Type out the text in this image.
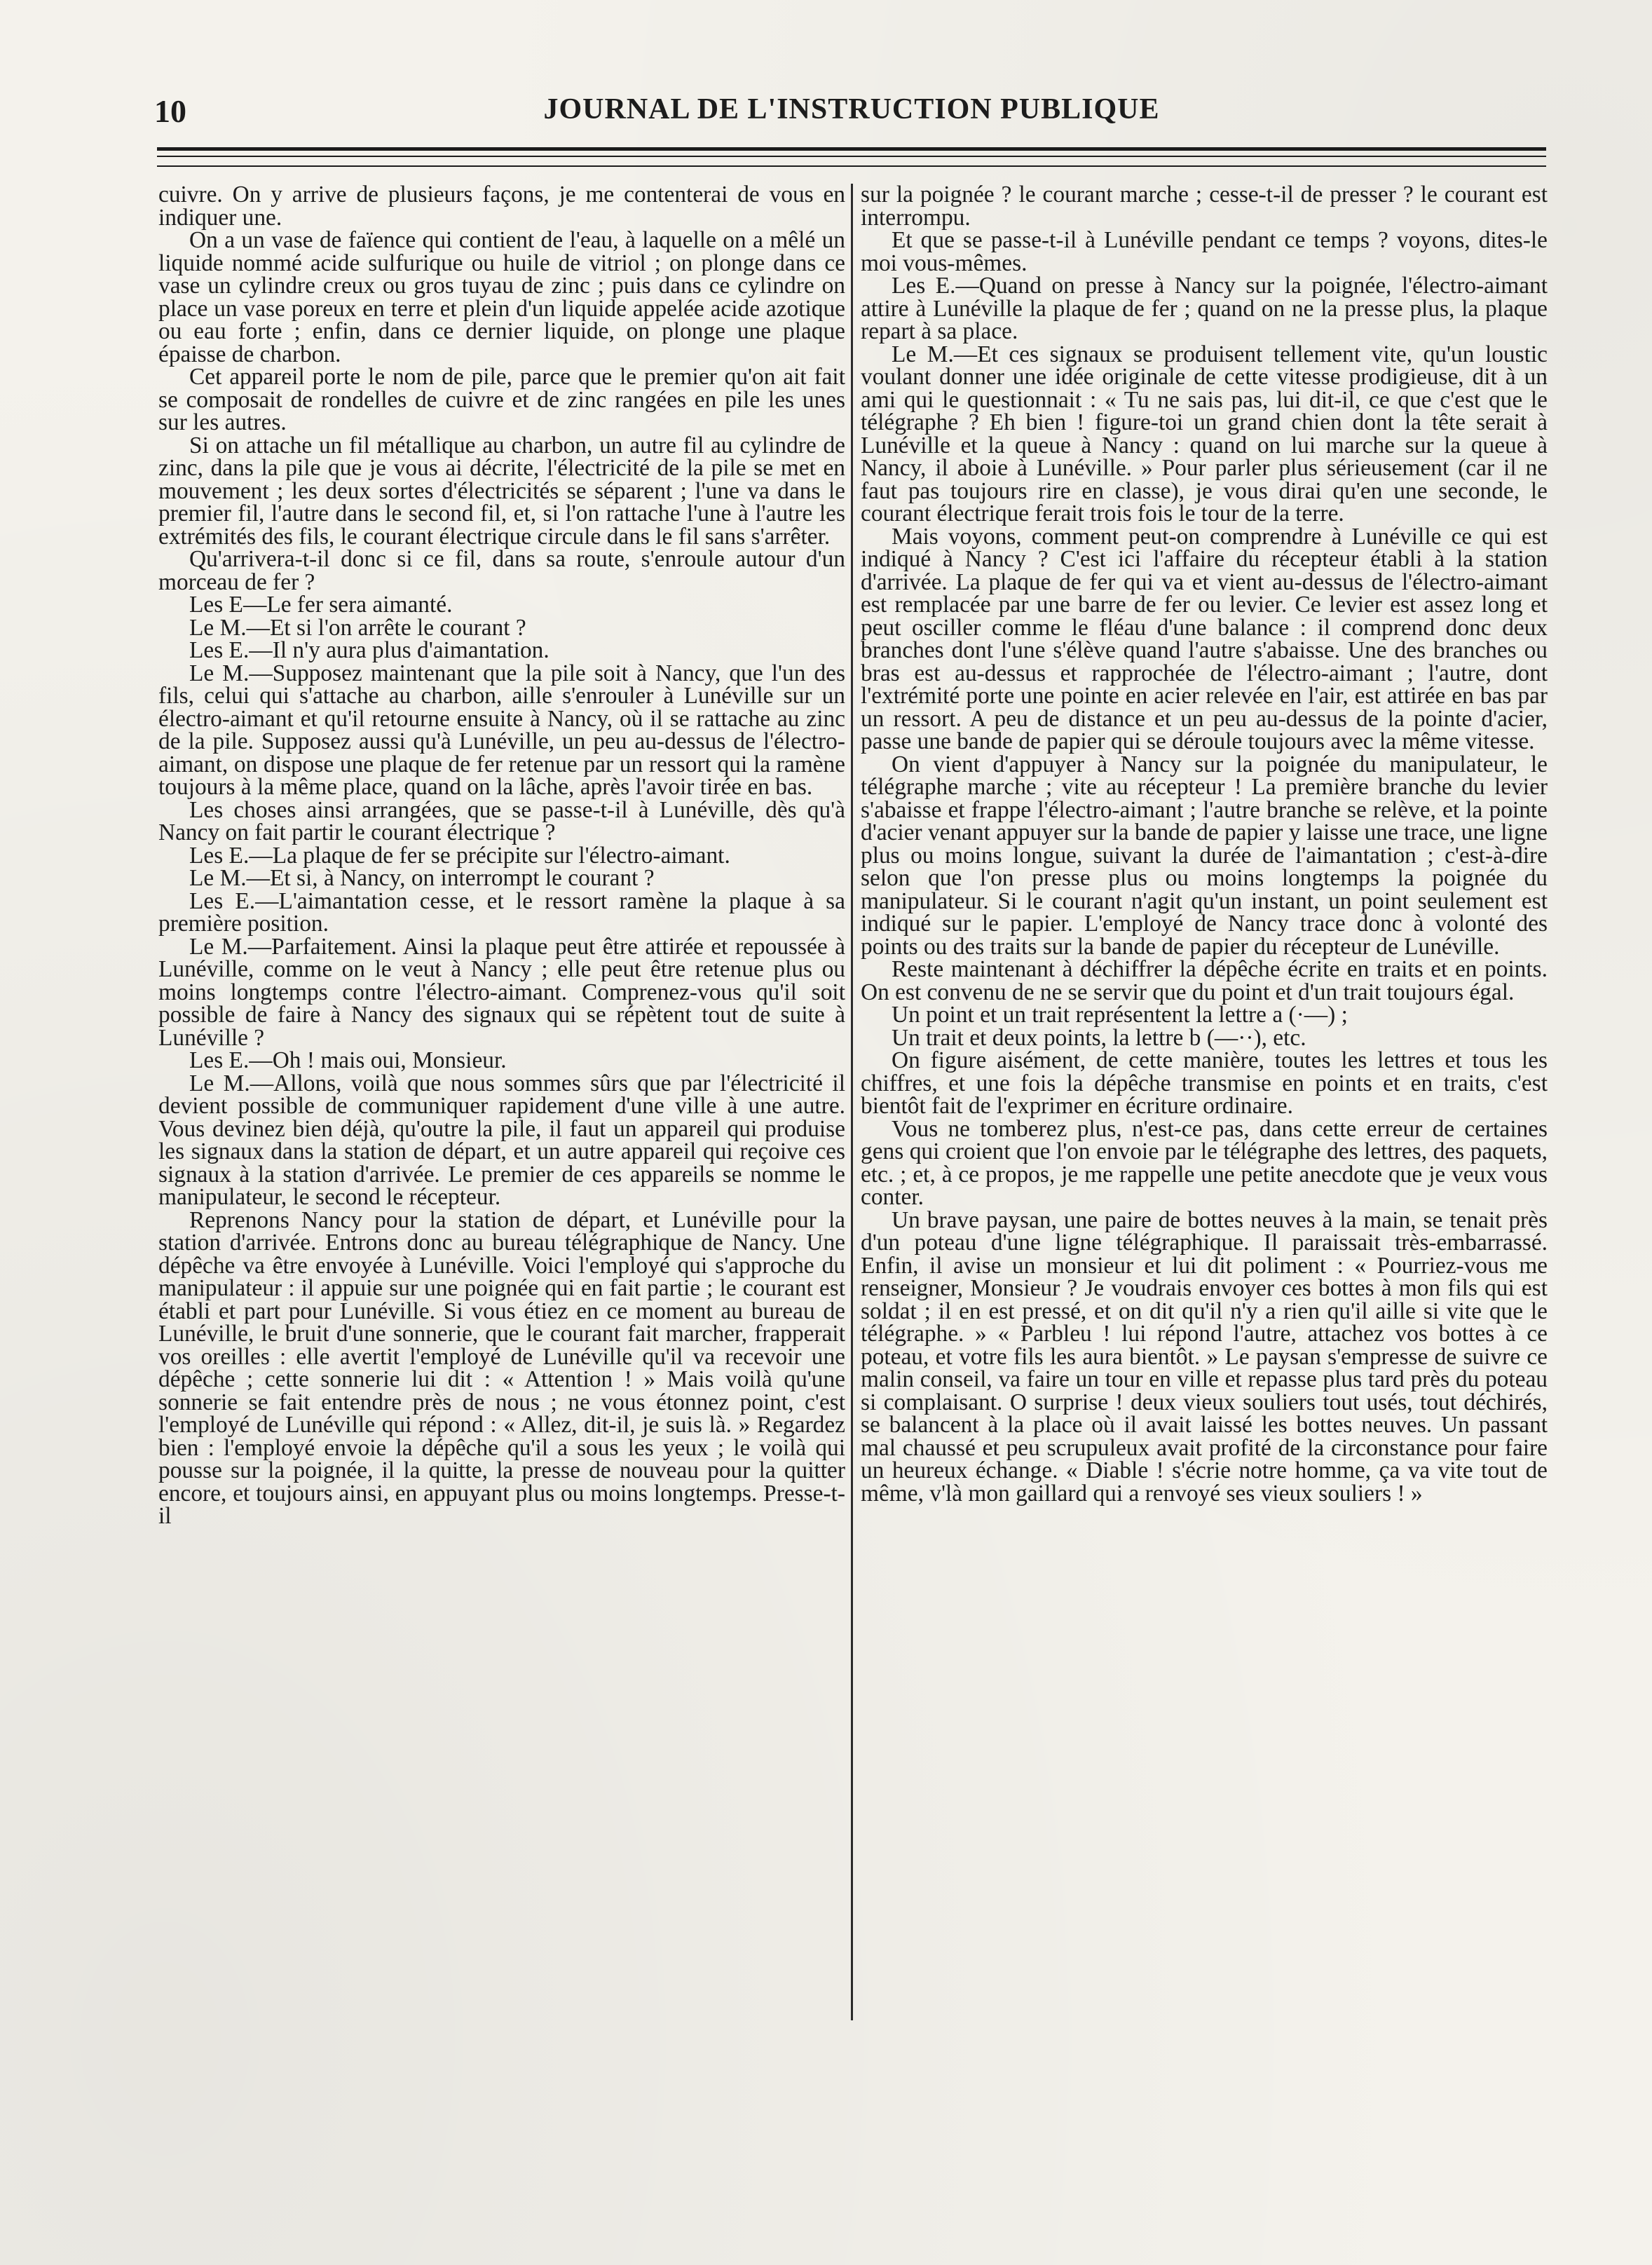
10	JOURNAL DE L'INSTRUCTION PUBLIQUE

cuivre. On y arrive de plusieurs façons, je me contenterai de vous en indiquer une.

On a un vase de faïence qui contient de l'eau, à laquelle on a mêlé un liquide nommé acide sulfurique ou huile de vitriol ; on plonge dans ce vase un cylindre creux ou gros tuyau de zinc ; puis dans ce cylindre on place un vase poreux en terre et plein d'un liquide appelée acide azotique ou eau forte ; enfin, dans ce dernier liquide, on plonge une plaque épaisse de charbon.

Cet appareil porte le nom de pile, parce que le premier qu'on ait fait se composait de rondelles de cuivre et de zinc rangées en pile les unes sur les autres.

Si on attache un fil métallique au charbon, un autre fil au cylindre de zinc, dans la pile que je vous ai décrite, l'électricité de la pile se met en mouvement ; les deux sortes d'électricités se séparent ; l'une va dans le premier fil, l'autre dans le second fil, et, si l'on rattache l'une à l'autre les extrémités des fils, le courant électrique circule dans le fil sans s'arrêter.

Qu'arrivera-t-il donc si ce fil, dans sa route, s'enroule autour d'un morceau de fer ?

Les E—Le fer sera aimanté.

Le M.—Et si l'on arrête le courant ?

Les E.—Il n'y aura plus d'aimantation.

Le M.—Supposez maintenant que la pile soit à Nancy, que l'un des fils, celui qui s'attache au charbon, aille s'enrouler à Lunéville sur un électro-aimant et qu'il retourne ensuite à Nancy, où il se rattache au zinc de la pile. Supposez aussi qu'à Lunéville, un peu au-dessus de l'électro-aimant, on dispose une plaque de fer retenue par un ressort qui la ramène toujours à la même place, quand on la lâche, après l'avoir tirée en bas.

Les choses ainsi arrangées, que se passe-t-il à Lunéville, dès qu'à Nancy on fait partir le courant électrique ?

Les E.—La plaque de fer se précipite sur l'électro-aimant.

Le M.—Et si, à Nancy, on interrompt le courant ?

Les E.—L'aimantation cesse, et le ressort ramène la plaque à sa première position.

Le M.—Parfaitement. Ainsi la plaque peut être attirée et repoussée à Lunéville, comme on le veut à Nancy ; elle peut être retenue plus ou moins longtemps contre l'électro-aimant. Comprenez-vous qu'il soit possible de faire à Nancy des signaux qui se répètent tout de suite à Lunéville ?

Les E.—Oh ! mais oui, Monsieur.

Le M.—Allons, voilà que nous sommes sûrs que par l'électricité il devient possible de communiquer rapidement d'une ville à une autre. Vous devinez bien déjà, qu'outre la pile, il faut un appareil qui produise les signaux dans la station de départ, et un autre appareil qui reçoive ces signaux à la station d'arrivée. Le premier de ces appareils se nomme le manipulateur, le second le récepteur.

Reprenons Nancy pour la station de départ, et Lunéville pour la station d'arrivée. Entrons donc au bureau télégraphique de Nancy. Une dépêche va être envoyée à Lunéville. Voici l'employé qui s'approche du manipulateur : il appuie sur une poignée qui en fait partie ; le courant est établi et part pour Lunéville. Si vous étiez en ce moment au bureau de Lunéville, le bruit d'une sonnerie, que le courant fait marcher, frapperait vos oreilles : elle avertit l'employé de Lunéville qu'il va recevoir une dépêche ; cette sonnerie lui dit : « Attention ! » Mais voilà qu'une sonnerie se fait entendre près de nous ; ne vous étonnez point, c'est l'employé de Lunéville qui répond : « Allez, dit-il, je suis là. » Regardez bien : l'employé envoie la dépêche qu'il a sous les yeux ; le voilà qui pousse sur la poignée, il la quitte, la presse de nouveau pour la quitter encore, et toujours ainsi, en appuyant plus ou moins longtemps. Presse-t-il

sur la poignée ? le courant marche ; cesse-t-il de presser ? le courant est interrompu.

Et que se passe-t-il à Lunéville pendant ce temps ? voyons, dites-le moi vous-mêmes.

Les E.—Quand on presse à Nancy sur la poignée, l'électro-aimant attire à Lunéville la plaque de fer ; quand on ne la presse plus, la plaque repart à sa place.

Le M.—Et ces signaux se produisent tellement vite, qu'un loustic voulant donner une idée originale de cette vitesse prodigieuse, dit à un ami qui le questionnait : « Tu ne sais pas, lui dit-il, ce que c'est que le télégraphe ? Eh bien ! figure-toi un grand chien dont la tête serait à Lunéville et la queue à Nancy : quand on lui marche sur la queue à Nancy, il aboie à Lunéville. » Pour parler plus sérieusement (car il ne faut pas toujours rire en classe), je vous dirai qu'en une seconde, le courant électrique ferait trois fois le tour de la terre.

Mais voyons, comment peut-on comprendre à Lunéville ce qui est indiqué à Nancy ? C'est ici l'affaire du récepteur établi à la station d'arrivée. La plaque de fer qui va et vient au-dessus de l'électro-aimant est remplacée par une barre de fer ou levier. Ce levier est assez long et peut osciller comme le fléau d'une balance : il comprend donc deux branches dont l'une s'élève quand l'autre s'abaisse. Une des branches ou bras est au-dessus et rapprochée de l'électro-aimant ; l'autre, dont l'extrémité porte une pointe en acier relevée en l'air, est attirée en bas par un ressort. A peu de distance et un peu au-dessus de la pointe d'acier, passe une bande de papier qui se déroule toujours avec la même vitesse.

On vient d'appuyer à Nancy sur la poignée du manipulateur, le télégraphe marche ; vite au récepteur ! La première branche du levier s'abaisse et frappe l'électro-aimant ; l'autre branche se relève, et la pointe d'acier venant appuyer sur la bande de papier y laisse une trace, une ligne plus ou moins longue, suivant la durée de l'aimantation ; c'est-à-dire selon que l'on presse plus ou moins longtemps la poignée du manipulateur. Si le courant n'agit qu'un instant, un point seulement est indiqué sur le papier. L'employé de Nancy trace donc à volonté des points ou des traits sur la bande de papier du récepteur de Lunéville.

Reste maintenant à déchiffrer la dépêche écrite en traits et en points. On est convenu de ne se servir que du point et d'un trait toujours égal.

Un point et un trait représentent la lettre a (·—) ;

Un trait et deux points, la lettre b (—··), etc.

On figure aisément, de cette manière, toutes les lettres et tous les chiffres, et une fois la dépêche transmise en points et en traits, c'est bientôt fait de l'exprimer en écriture ordinaire.

Vous ne tomberez plus, n'est-ce pas, dans cette erreur de certaines gens qui croient que l'on envoie par le télégraphe des lettres, des paquets, etc. ; et, à ce propos, je me rappelle une petite anecdote que je veux vous conter.

Un brave paysan, une paire de bottes neuves à la main, se tenait près d'un poteau d'une ligne télégraphique. Il paraissait très-embarrassé. Enfin, il avise un monsieur et lui dit poliment : « Pourriez-vous me renseigner, Monsieur ? Je voudrais envoyer ces bottes à mon fils qui est soldat ; il en est pressé, et on dit qu'il n'y a rien qu'il aille si vite que le télégraphe. » « Parbleu ! lui répond l'autre, attachez vos bottes à ce poteau, et votre fils les aura bientôt. » Le paysan s'empresse de suivre ce malin conseil, va faire un tour en ville et repasse plus tard près du poteau si complaisant. O surprise ! deux vieux souliers tout usés, tout déchirés, se balancent à la place où il avait laissé les bottes neuves. Un passant mal chaussé et peu scrupuleux avait profité de la circonstance pour faire un heureux échange. « Diable ! s'écrie notre homme, ça va vite tout de même, v'là mon gaillard qui a renvoyé ses vieux souliers ! »
